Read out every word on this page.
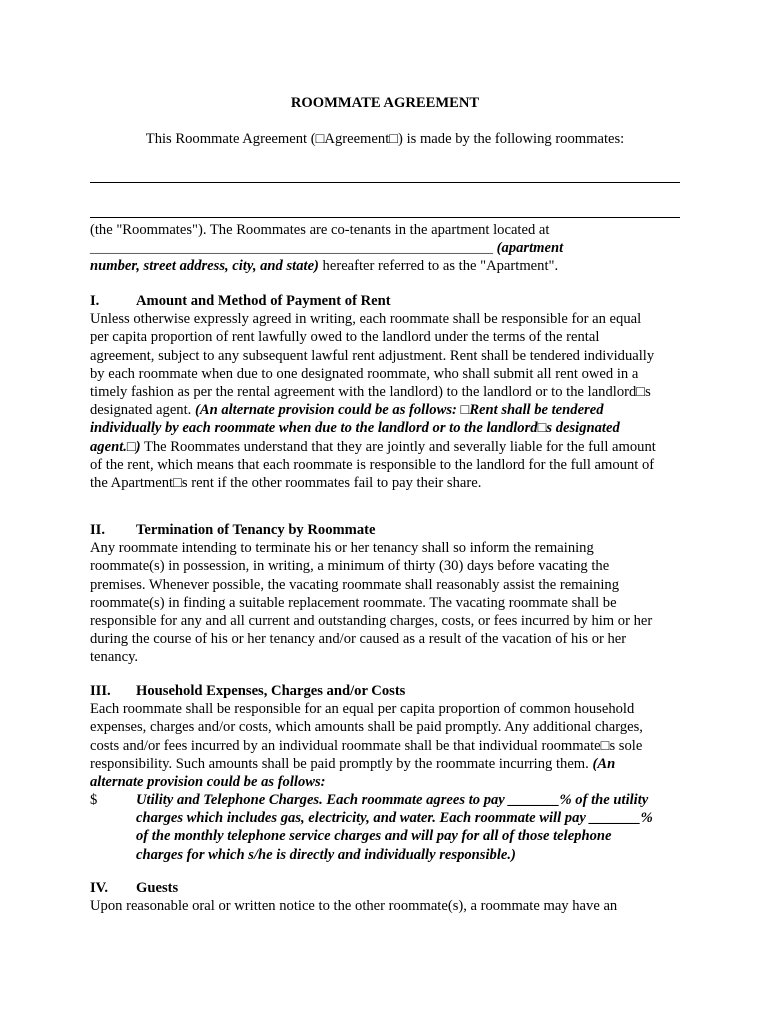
ROOMMATE AGREEMENT
This Roommate Agreement (□Agreement□) is made by the following roommates:
(the "Roommates"). The Roommates are co-tenants in the apartment located at
______________________________________________________________ (apartment
number, street address, city, and state) hereafter referred to as the "Apartment".
I.	Amount and Method of Payment of Rent
Unless otherwise expressly agreed in writing, each roommate shall be responsible for an equal
per capita proportion of rent lawfully owed to the landlord under the terms of the rental
agreement, subject to any subsequent lawful rent adjustment. Rent shall be tendered individually
by each roommate when due to one designated roommate, who shall submit all rent owed in a
timely fashion as per the rental agreement with the landlord) to the landlord or to the landlord□s
designated agent. (An alternate provision could be as follows: □Rent shall be tendered
individually by each roommate when due to the landlord or to the landlord□s designated
agent.□) The Roommates understand that they are jointly and severally liable for the full amount
of the rent, which means that each roommate is responsible to the landlord for the full amount of
the Apartment□s rent if the other roommates fail to pay their share.
II. Termination of Tenancy by Roommate
Any roommate intending to terminate his or her tenancy shall so inform the remaining
roommate(s) in possession, in writing, a minimum of thirty (30) days before vacating the
premises. Whenever possible, the vacating roommate shall reasonably assist the remaining
roommate(s) in finding a suitable replacement roommate. The vacating roommate shall be
responsible for any and all current and outstanding charges, costs, or fees incurred by him or her
during the course of his or her tenancy and/or caused as a result of the vacation of his or her
tenancy.
III. Household Expenses, Charges and/or Costs
Each roommate shall be responsible for an equal per capita proportion of common household
expenses, charges and/or costs, which amounts shall be paid promptly. Any additional charges,
costs and/or fees incurred by an individual roommate shall be that individual roommate□s sole
responsibility. Such amounts shall be paid promptly by the roommate incurring them. (An
alternate provision could be as follows:
$	Utility and Telephone Charges. Each roommate agrees to pay _______% of the utility
charges which includes gas, electricity, and water. Each roommate will pay _______%
of the monthly telephone service charges and will pay for all of those telephone
charges for which s/he is directly and individually responsible.)
IV. Guests
Upon reasonable oral or written notice to the other roommate(s), a roommate may have an
